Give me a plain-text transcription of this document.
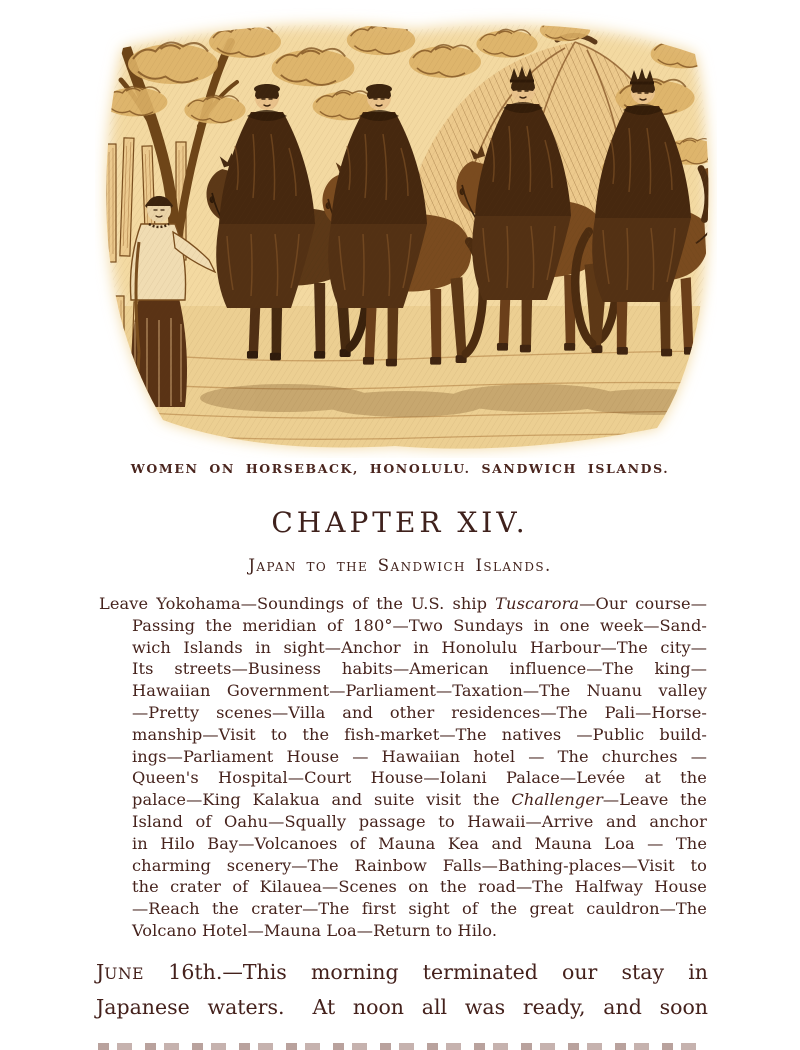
WOMEN ON HORSEBACK, HONOLULU. SANDWICH ISLANDS.
CHAPTER XIV.
Japan to the Sandwich Islands.
Leave Yokohama—Soundings of the U.S. ship Tuscarora—Our course—
Passing the meridian of 180°—Two Sundays in one week—Sand-
wich Islands in sight—Anchor in Honolulu Harbour—The city—
Its streets—Business habits—American influence—The king—
Hawaiian Government—Parliament—Taxation—The Nuanu valley
—Pretty scenes—Villa and other residences—The Pali—Horse-
manship—Visit to the fish-market—The natives —Public build-
ings—Parliament House — Hawaiian hotel — The churches —
Queen's Hospital—Court House—Iolani Palace—Levée at the
palace—King Kalakua and suite visit the Challenger—Leave the
Island of Oahu—Squally passage to Hawaii—Arrive and anchor
in Hilo Bay—Volcanoes of Mauna Kea and Mauna Loa — The
charming scenery—The Rainbow Falls—Bathing-places—Visit to
the crater of Kilauea—Scenes on the road—The Halfway House
—Reach the crater—The first sight of the great cauldron—The
Volcano Hotel—Mauna Loa—Return to Hilo.
JUNE 16th.—This morning terminated our stay in
Japanese waters.  At noon all was ready, and soon
